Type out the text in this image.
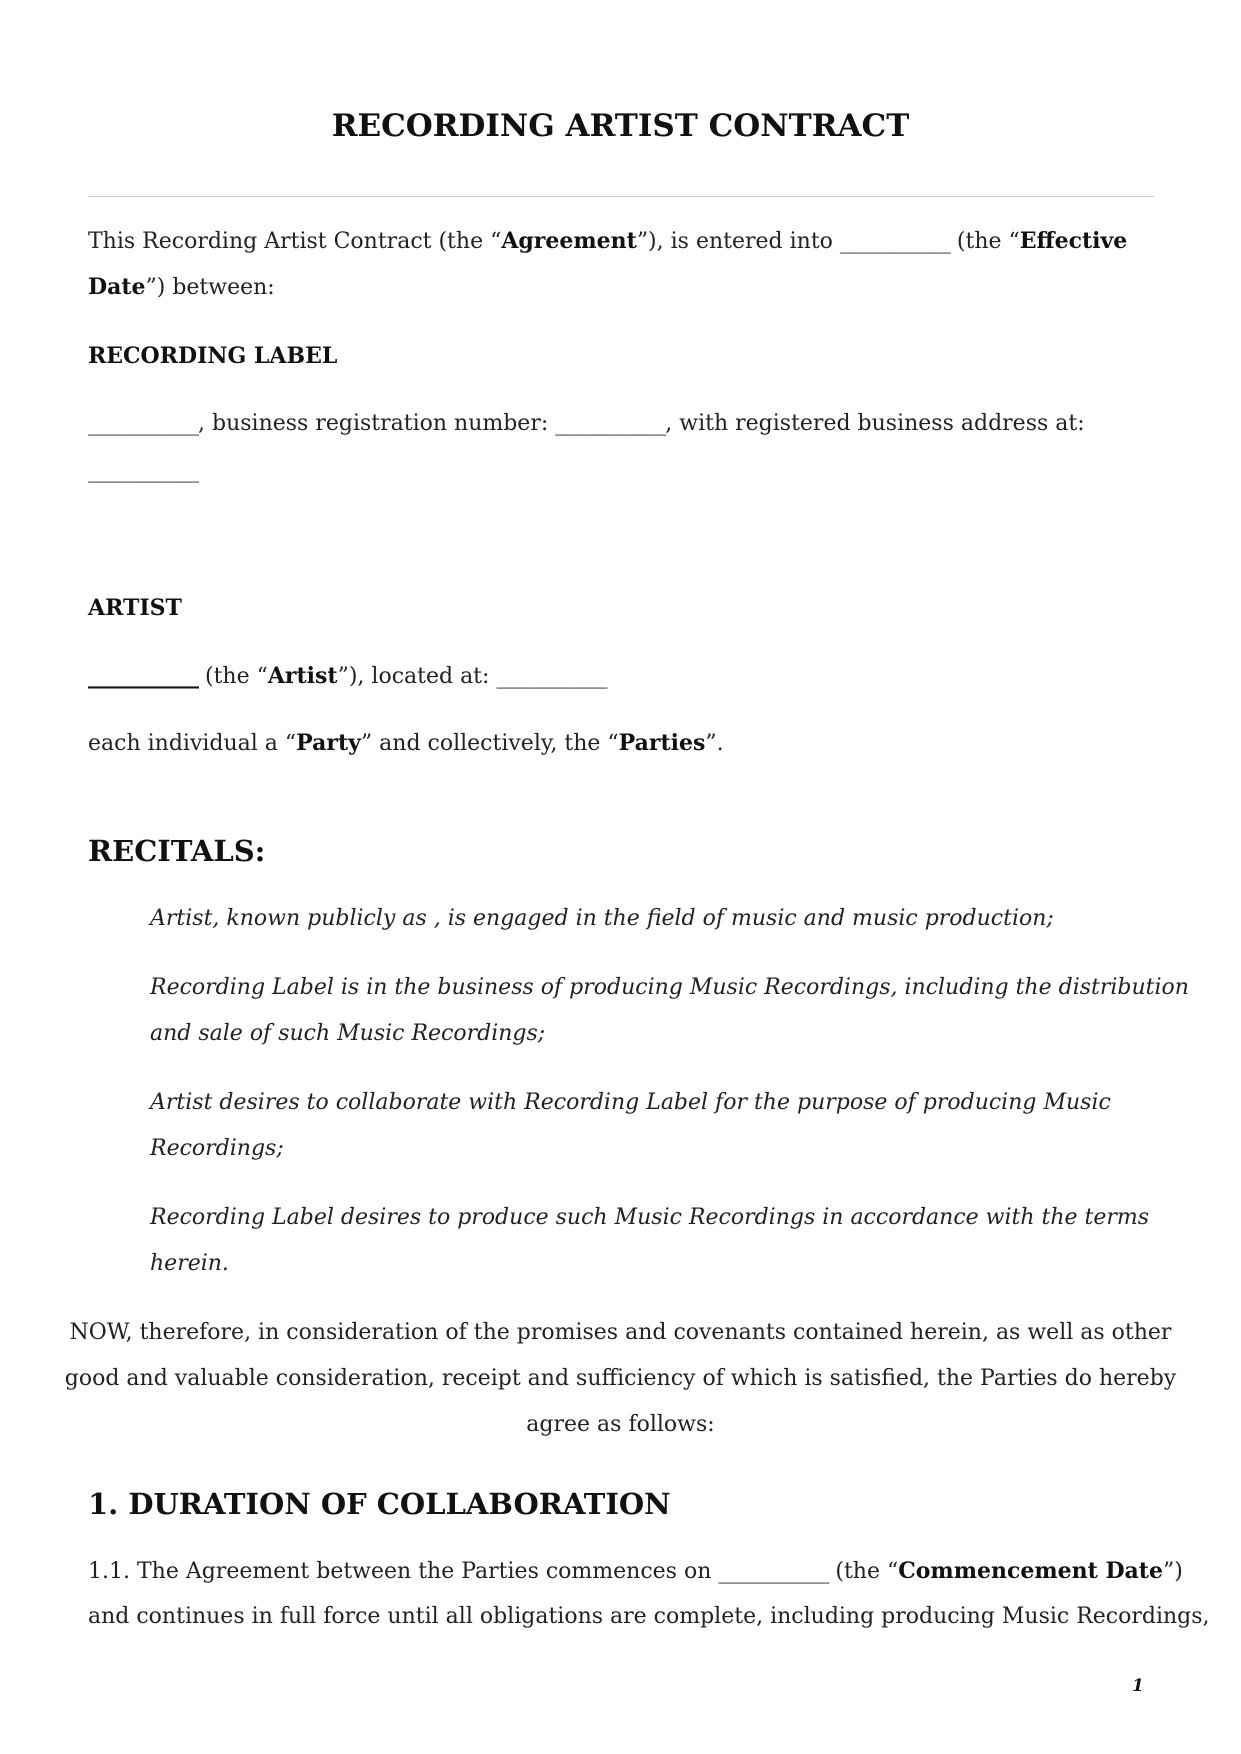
RECORDING ARTIST CONTRACT
This Recording Artist Contract (the “Agreement”), is entered into ___________ (the “Effective
Date”) between:
RECORDING LABEL
___________, business registration number: ___________, with registered business address at:
___________
ARTIST
___________ (the “Artist”), located at: ___________
each individual a “Party” and collectively, the “Parties”.
RECITALS:
Artist, known publicly as , is engaged in the field of music and music production;
Recording Label is in the business of producing Music Recordings, including the distribution
and sale of such Music Recordings;
Artist desires to collaborate with Recording Label for the purpose of producing Music
Recordings;
Recording Label desires to produce such Music Recordings in accordance with the terms
herein.
NOW, therefore, in consideration of the promises and covenants contained herein, as well as other
good and valuable consideration, receipt and sufficiency of which is satisfied, the Parties do hereby
agree as follows:
1. DURATION OF COLLABORATION
1.1. The Agreement between the Parties commences on ___________ (the “Commencement Date”)
and continues in full force until all obligations are complete, including producing Music Recordings,
1
